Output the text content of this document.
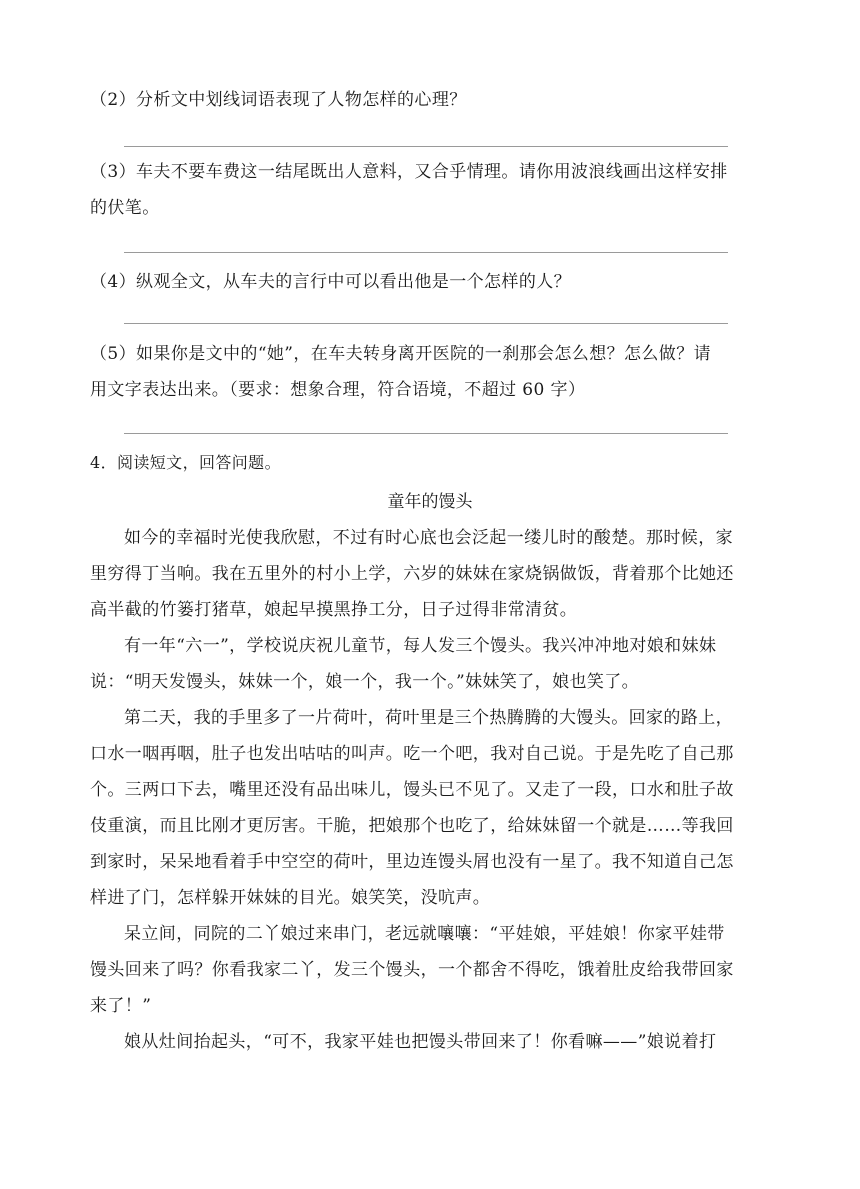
（2）分析文中划线词语表现了人物怎样的心理？
（3）车夫不要车费这一结尾既出人意料，又合乎情理。请你用波浪线画出这样安排
的伏笔。
（4）纵观全文，从车夫的言行中可以看出他是一个怎样的人？
（5）如果你是文中的“她”，在车夫转身离开医院的一刹那会怎么想？怎么做？请
用文字表达出来。（要求：想象合理，符合语境，不超过 60 字）
4．阅读短文，回答问题。
童年的馒头
如今的幸福时光使我欣慰，不过有时心底也会泛起一缕儿时的酸楚。那时候，家
里穷得丁当响。我在五里外的村小上学，六岁的妹妹在家烧锅做饭，背着那个比她还
高半截的竹篓打猪草，娘起早摸黑挣工分，日子过得非常清贫。
有一年“六一”，学校说庆祝儿童节，每人发三个馒头。我兴冲冲地对娘和妹妹
说：“明天发馒头，妹妹一个，娘一个，我一个。”妹妹笑了，娘也笑了。
第二天，我的手里多了一片荷叶，荷叶里是三个热腾腾的大馒头。回家的路上，
口水一咽再咽，肚子也发出咕咕的叫声。吃一个吧，我对自己说。于是先吃了自己那
个。三两口下去，嘴里还没有品出味儿，馒头已不见了。又走了一段，口水和肚子故
伎重演，而且比刚才更厉害。干脆，把娘那个也吃了，给妹妹留一个就是……等我回
到家时，呆呆地看着手中空空的荷叶，里边连馒头屑也没有一星了。我不知道自己怎
样进了门，怎样躲开妹妹的目光。娘笑笑，没吭声。
呆立间，同院的二丫娘过来串门，老远就嚷嚷：“平娃娘，平娃娘！你家平娃带
馒头回来了吗？你看我家二丫，发三个馒头，一个都舍不得吃，饿着肚皮给我带回家
来了！”
娘从灶间抬起头，“可不，我家平娃也把馒头带回来了！你看嘛——”娘说着打
